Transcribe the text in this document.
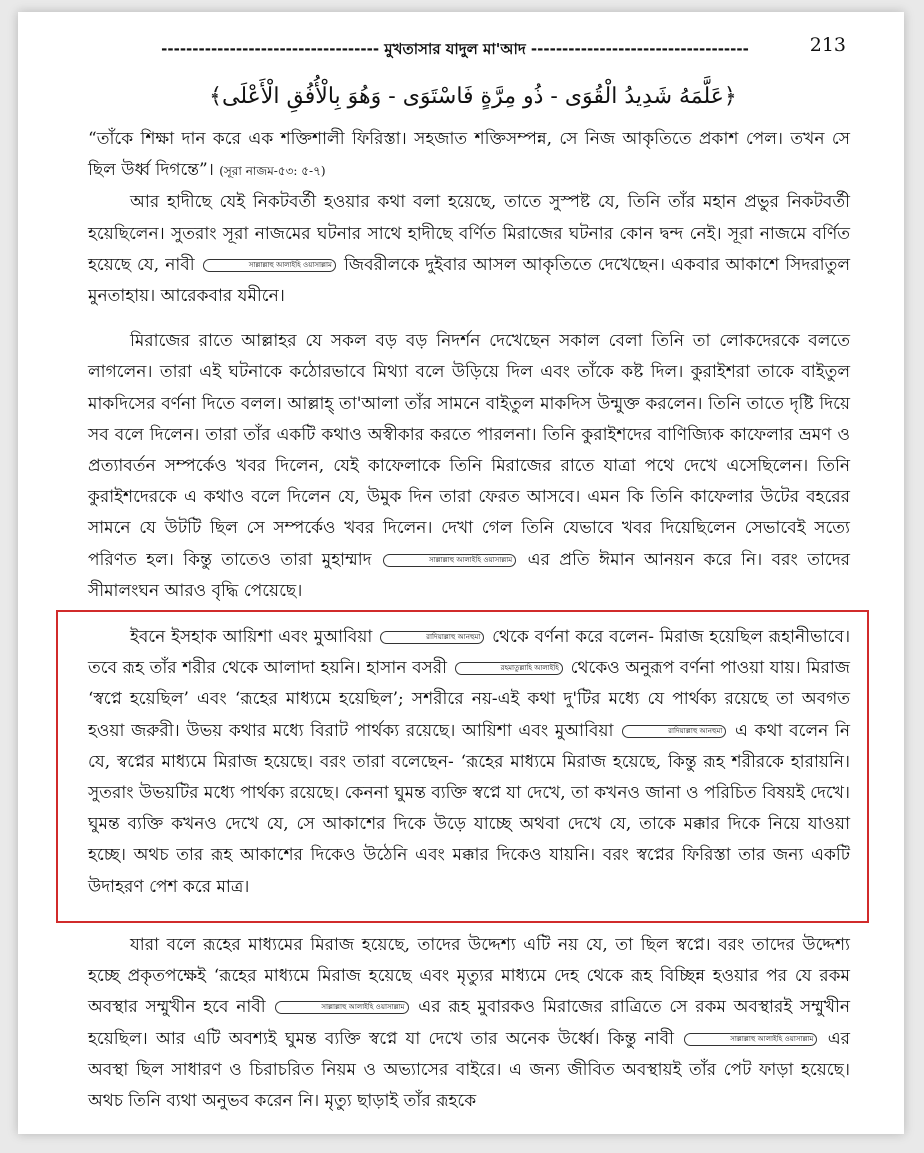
----------------------------------- মুখতাসার যাদুল মা'আদ -----------------------------------	213
﴿عَلَّمَهُ شَدِيدُ الْقُوَى - ذُو مِرَّةٍ فَاسْتَوَى - وَهُوَ بِالْأُفُقِ الْأَعْلَى﴾

“তাঁকে শিক্ষা দান করে এক শক্তিশালী ফিরিস্তা। সহজাত শক্তিসম্পন্ন, সে নিজ আকৃতিতে প্রকাশ পেল। তখন সে ছিল উর্ধ্ব দিগন্তে”। (সূরা নাজম-৫৩: ৫-৭)

আর হাদীছে যেই নিকটবর্তী হওয়ার কথা বলা হয়েছে, তাতে সুস্পষ্ট যে, তিনি তাঁর মহান প্রভুর নিকটবর্তী হয়েছিলেন। সুতরাং সূরা নাজমের ঘটনার সাথে হাদীছে বর্ণিত মিরাজের ঘটনার কোন দ্বন্দ নেই। সূরা নাজমে বর্ণিত হয়েছে যে, নাবী	সাল্লাল্লাহু আলাইহি ওয়াসাল্লাম জিবরীলকে দুইবার আসল আকৃতিতে দেখেছেন। একবার আকাশে সিদরাতুল মুনতাহায়। আরেকবার যমীনে।

মিরাজের রাতে আল্লাহর যে সকল বড় বড় নিদর্শন দেখেছেন সকাল বেলা তিনি তা লোকদেরকে বলতে লাগলেন। তারা এই ঘটনাকে কঠোরভাবে মিথ্যা বলে উড়িয়ে দিল এবং তাঁকে কষ্ট দিল। কুরাইশরা তাকে বাইতুল মাকদিসের বর্ণনা দিতে বলল। আল্লাহ্ তা'আলা তাঁর সামনে বাইতুল মাকদিস উন্মুক্ত করলেন। তিনি তাতে দৃষ্টি দিয়ে সব বলে দিলেন। তারা তাঁর একটি কথাও অস্বীকার করতে পারলনা। তিনি কুরাইশদের বাণিজ্যিক কাফেলার ভ্রমণ ও প্রত্যাবর্তন সম্পর্কেও খবর দিলেন, যেই কাফেলাকে তিনি মিরাজের রাতে যাত্রা পথে দেখে এসেছিলেন। তিনি কুরাইশদেরকে এ কথাও বলে দিলেন যে, উমুক দিন তারা ফেরত আসবে। এমন কি তিনি কাফেলার উটের বহরের সামনে যে উটটি ছিল সে সম্পর্কেও খবর দিলেন। দেখা গেল তিনি যেভাবে খবর দিয়েছিলেন সেভাবেই সত্যে পরিণত হল। কিন্তু তাতেও তারা মুহাম্মাদ	সাল্লাল্লাহু আলাইহি ওয়াসাল্লাম এর প্রতি ঈমান আনয়ন করে নি। বরং তাদের সীমালংঘন আরও বৃদ্ধি পেয়েছে।

ইবনে ইসহাক আয়িশা এবং মুআবিয়া	রাদিয়াল্লাহু আনহুমা থেকে বর্ণনা করে বলেন- মিরাজ হয়েছিল রূহানীভাবে। তবে রূহ তাঁর শরীর থেকে আলাদা হয়নি। হাসান বসরী	রহমাতুল্লাহি আলাইহি থেকেও অনুরূপ বর্ণনা পাওয়া যায়। মিরাজ ‘স্বপ্নে হয়েছিল’ এবং ‘রূহের মাধ্যমে হয়েছিল’; সশরীরে নয়-এই কথা দু'টির মধ্যে যে পার্থক্য রয়েছে তা অবগত হওয়া জরুরী। উভয় কথার মধ্যে বিরাট পার্থক্য রয়েছে। আয়িশা এবং মুআবিয়া	রাদিয়াল্লাহু আনহুমা এ কথা বলেন নি যে, স্বপ্নের মাধ্যমে মিরাজ হয়েছে। বরং তারা বলেছেন- ‘রূহের মাধ্যমে মিরাজ হয়েছে, কিন্তু রূহ শরীরকে হারায়নি। সুতরাং উভয়টির মধ্যে পার্থক্য রয়েছে। কেননা ঘুমন্ত ব্যক্তি স্বপ্নে যা দেখে, তা কখনও জানা ও পরিচিত বিষয়ই দেখে। ঘুমন্ত ব্যক্তি কখনও দেখে যে, সে আকাশের দিকে উড়ে যাচ্ছে অথবা দেখে যে, তাকে মক্কার দিকে নিয়ে যাওয়া হচ্ছে। অথচ তার রূহ আকাশের দিকেও উঠেনি এবং মক্কার দিকেও যায়নি। বরং স্বপ্নের ফিরিস্তা তার জন্য একটি উদাহরণ পেশ করে মাত্র।

যারা বলে রূহের মাধ্যমের মিরাজ হয়েছে, তাদের উদ্দেশ্য এটি নয় যে, তা ছিল স্বপ্নে। বরং তাদের উদ্দেশ্য হচ্ছে প্রকৃতপক্ষেই ‘রূহের মাধ্যমে মিরাজ হয়েছে এবং মৃত্যুর মাধ্যমে দেহ থেকে রূহ বিচ্ছিন্ন হওয়ার পর যে রকম অবস্থার সম্মুখীন হবে নাবী	সাল্লাল্লাহু আলাইহি ওয়াসাল্লাম এর রূহ মুবারকও মিরাজের রাত্রিতে সে রকম অবস্থারই সম্মুখীন হয়েছিল। আর এটি অবশ্যই ঘুমন্ত ব্যক্তি স্বপ্নে যা দেখে তার অনেক উর্ধ্বে। কিন্তু নাবী	সাল্লাল্লাহু আলাইহি ওয়াসাল্লাম এর অবস্থা ছিল সাধারণ ও চিরাচরিত নিয়ম ও অভ্যাসের বাইরে। এ জন্য জীবিত অবস্থায়ই তাঁর পেট ফাড়া হয়েছে। অথচ তিনি ব্যথা অনুভব করেন নি। মৃত্যু ছাড়াই তাঁর রূহকে
